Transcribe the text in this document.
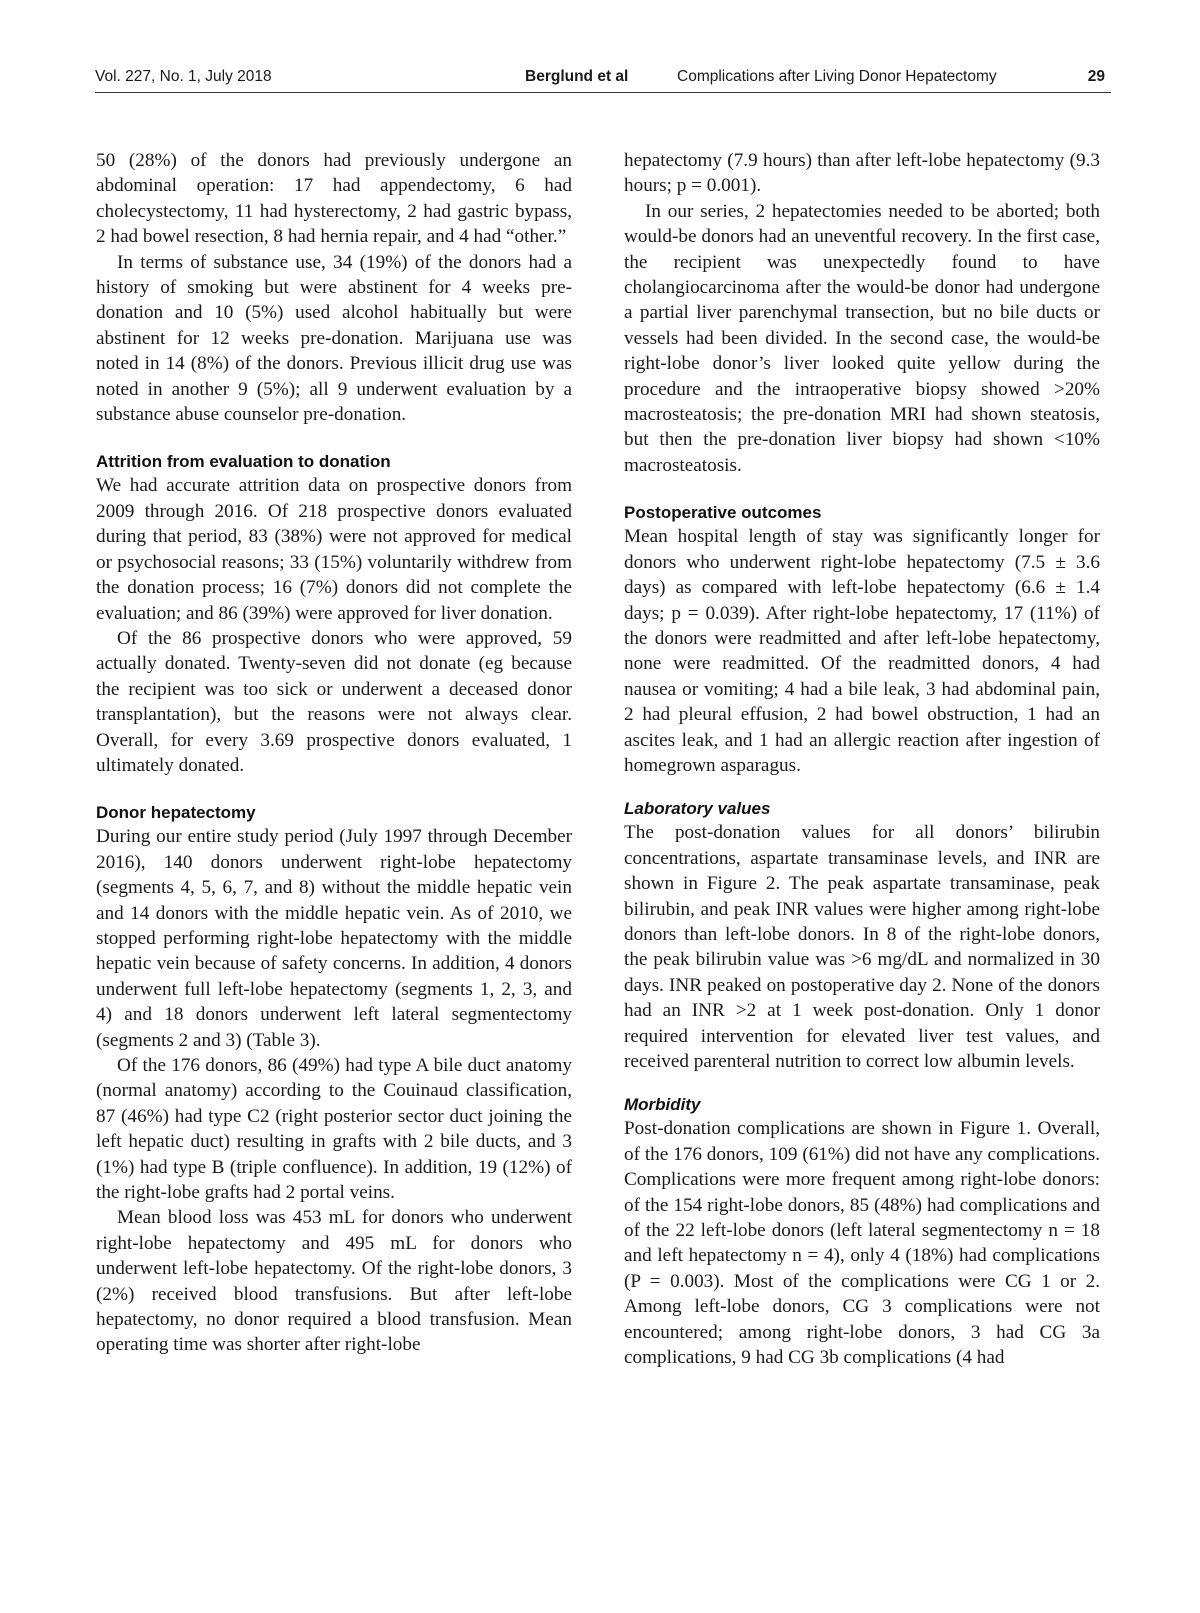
Vol. 227, No. 1, July 2018	Berglund et al	Complications after Living Donor Hepatectomy	29

50 (28%) of the donors had previously undergone an abdominal operation: 17 had appendectomy, 6 had cholecystectomy, 11 had hysterectomy, 2 had gastric bypass, 2 had bowel resection, 8 had hernia repair, and 4 had “other.”

In terms of substance use, 34 (19%) of the donors had a history of smoking but were abstinent for 4 weeks pre-donation and 10 (5%) used alcohol habitually but were abstinent for 12 weeks pre-donation. Marijuana use was noted in 14 (8%) of the donors. Previous illicit drug use was noted in another 9 (5%); all 9 underwent evaluation by a substance abuse counselor pre-donation.

Attrition from evaluation to donation

We had accurate attrition data on prospective donors from 2009 through 2016. Of 218 prospective donors evaluated during that period, 83 (38%) were not approved for medical or psychosocial reasons; 33 (15%) voluntarily withdrew from the donation process; 16 (7%) donors did not complete the evaluation; and 86 (39%) were approved for liver donation.

Of the 86 prospective donors who were approved, 59 actually donated. Twenty-seven did not donate (eg because the recipient was too sick or underwent a deceased donor transplantation), but the reasons were not always clear. Overall, for every 3.69 prospective donors evaluated, 1 ultimately donated.

Donor hepatectomy

During our entire study period (July 1997 through December 2016), 140 donors underwent right-lobe hepatectomy (segments 4, 5, 6, 7, and 8) without the middle hepatic vein and 14 donors with the middle hepatic vein. As of 2010, we stopped performing right-lobe hepatectomy with the middle hepatic vein because of safety concerns. In addition, 4 donors underwent full left-lobe hepatectomy (segments 1, 2, 3, and 4) and 18 donors underwent left lateral segmentectomy (segments 2 and 3) (Table 3).

Of the 176 donors, 86 (49%) had type A bile duct anatomy (normal anatomy) according to the Couinaud classification, 87 (46%) had type C2 (right posterior sector duct joining the left hepatic duct) resulting in grafts with 2 bile ducts, and 3 (1%) had type B (triple confluence). In addition, 19 (12%) of the right-lobe grafts had 2 portal veins.

Mean blood loss was 453 mL for donors who underwent right-lobe hepatectomy and 495 mL for donors who underwent left-lobe hepatectomy. Of the right-lobe donors, 3 (2%) received blood transfusions. But after left-lobe hepatectomy, no donor required a blood transfusion. Mean operating time was shorter after right-lobe

hepatectomy (7.9 hours) than after left-lobe hepatectomy (9.3 hours; p = 0.001).

In our series, 2 hepatectomies needed to be aborted; both would-be donors had an uneventful recovery. In the first case, the recipient was unexpectedly found to have cholangiocarcinoma after the would-be donor had undergone a partial liver parenchymal transection, but no bile ducts or vessels had been divided. In the second case, the would-be right-lobe donor’s liver looked quite yellow during the procedure and the intraoperative biopsy showed >20% macrosteatosis; the pre-donation MRI had shown steatosis, but then the pre-donation liver biopsy had shown <10% macrosteatosis.

Postoperative outcomes

Mean hospital length of stay was significantly longer for donors who underwent right-lobe hepatectomy (7.5 ± 3.6 days) as compared with left-lobe hepatectomy (6.6 ± 1.4 days; p = 0.039). After right-lobe hepatectomy, 17 (11%) of the donors were readmitted and after left-lobe hepatectomy, none were readmitted. Of the readmitted donors, 4 had nausea or vomiting; 4 had a bile leak, 3 had abdominal pain, 2 had pleural effusion, 2 had bowel obstruction, 1 had an ascites leak, and 1 had an allergic reaction after ingestion of homegrown asparagus.

Laboratory values

The post-donation values for all donors’ bilirubin concentrations, aspartate transaminase levels, and INR are shown in Figure 2. The peak aspartate transaminase, peak bilirubin, and peak INR values were higher among right-lobe donors than left-lobe donors. In 8 of the right-lobe donors, the peak bilirubin value was >6 mg/dL and normalized in 30 days. INR peaked on postoperative day 2. None of the donors had an INR >2 at 1 week post-donation. Only 1 donor required intervention for elevated liver test values, and received parenteral nutrition to correct low albumin levels.

Morbidity

Post-donation complications are shown in Figure 1. Overall, of the 176 donors, 109 (61%) did not have any complications. Complications were more frequent among right-lobe donors: of the 154 right-lobe donors, 85 (48%) had complications and of the 22 left-lobe donors (left lateral segmentectomy n = 18 and left hepatectomy n = 4), only 4 (18%) had complications (P = 0.003). Most of the complications were CG 1 or 2. Among left-lobe donors, CG 3 complications were not encountered; among right-lobe donors, 3 had CG 3a complications, 9 had CG 3b complications (4 had
